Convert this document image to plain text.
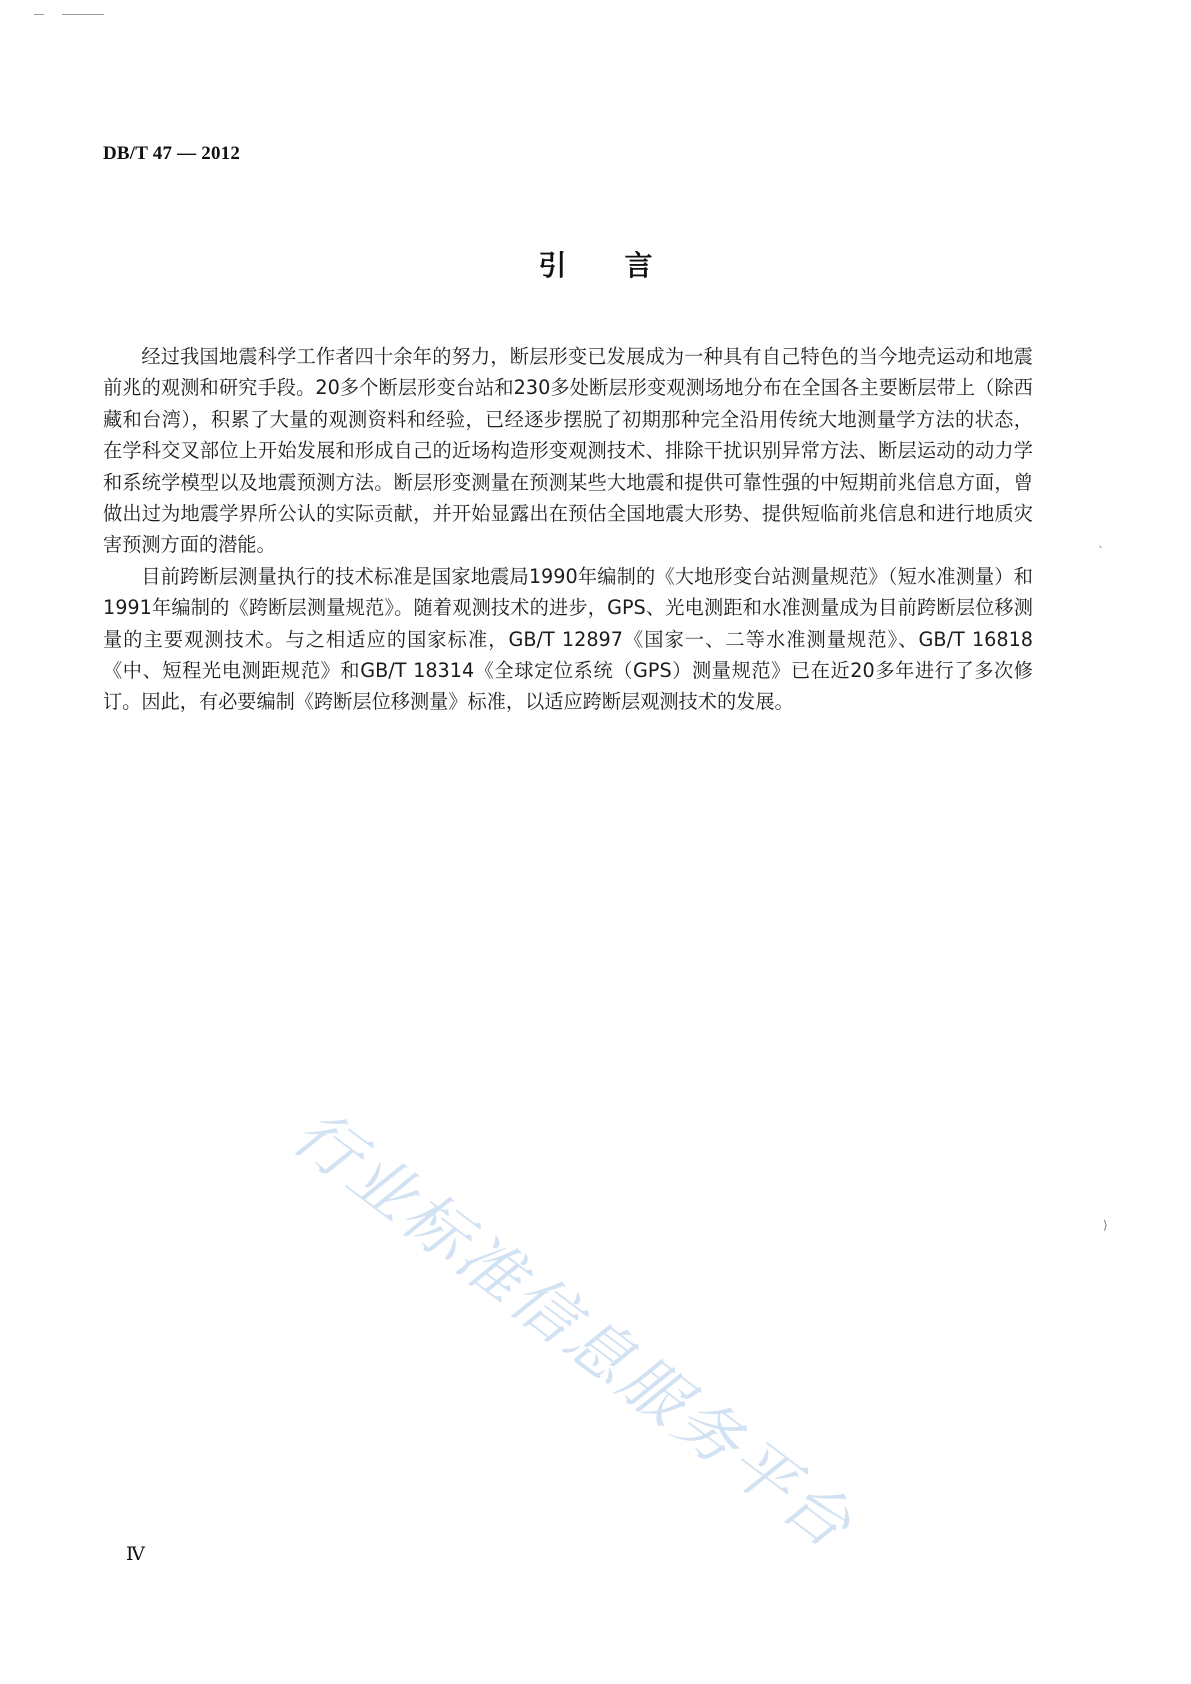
ˎ
⟩
DB/T 47 — 2012
引言

经过我国地震科学工作者四十余年的努力，断层形变已发展成为一种具有自己特色的当今地壳运动和地震前兆的观测和研究手段。20多个断层形变台站和230多处断层形变观测场地分布在全国各主要断层带上（除西藏和台湾），积累了大量的观测资料和经验，已经逐步摆脱了初期那种完全沿用传统大地测量学方法的状态，在学科交叉部位上开始发展和形成自己的近场构造形变观测技术、排除干扰识别异常方法、断层运动的动力学和系统学模型以及地震预测方法。断层形变测量在预测某些大地震和提供可靠性强的中短期前兆信息方面，曾做出过为地震学界所公认的实际贡献，并开始显露出在预估全国地震大形势、提供短临前兆信息和进行地质灾害预测方面的潜能。

目前跨断层测量执行的技术标准是国家地震局1990年编制的《大地形变台站测量规范》（短水准测量）和1991年编制的《跨断层测量规范》。随着观测技术的进步，GPS、光电测距和水准测量成为目前跨断层位移测量的主要观测技术。与之相适应的国家标准，GB/T 12897《国家一、二等水准测量规范》、GB/T 16818《中、短程光电测距规范》和GB/T 18314《全球定位系统（GPS）测量规范》已在近20多年进行了多次修订。因此，有必要编制《跨断层位移测量》标准，以适应跨断层观测技术的发展。

行业标准信息服务平台
Ⅳ
